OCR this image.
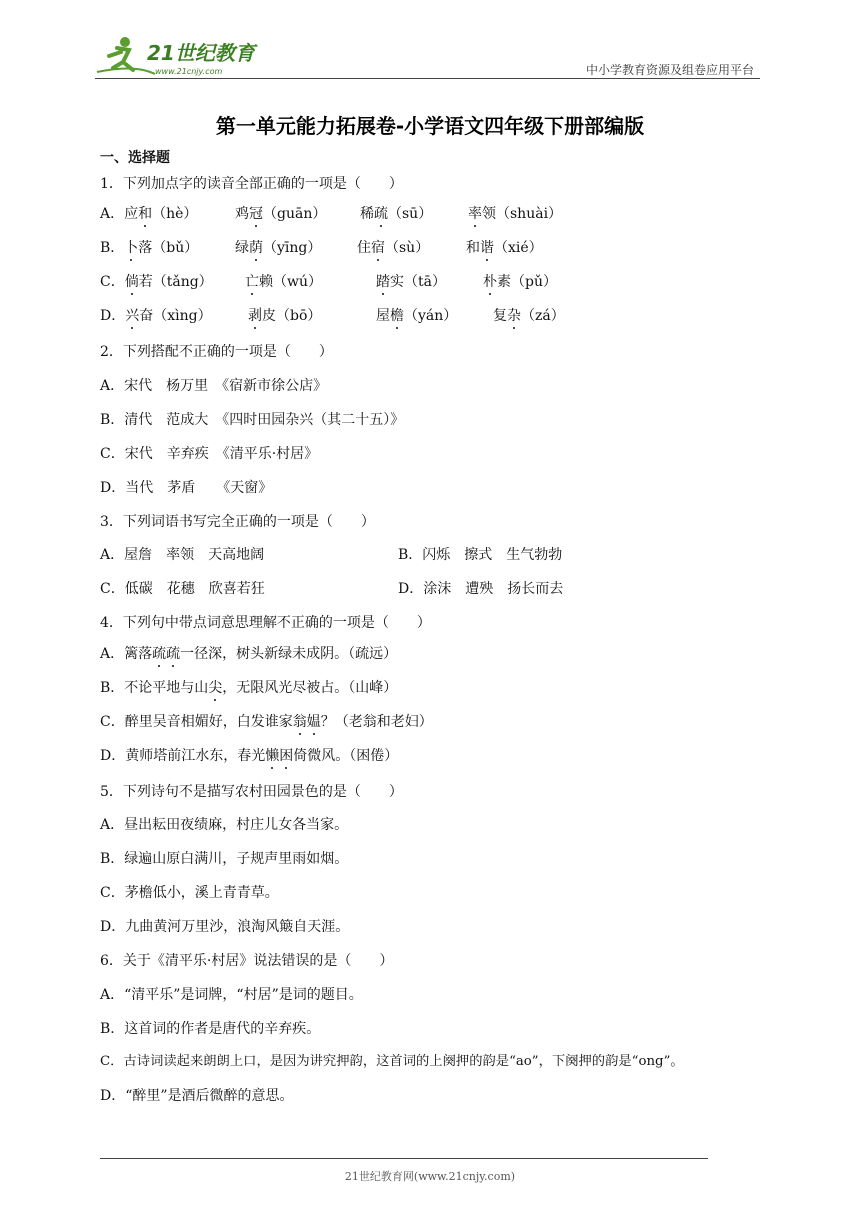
21世纪教育
www.21cnjy.com	中小学教育资源及组卷应用平台
第一单元能力拓展卷-小学语文四年级下册部编版
一、选择题
1．下列加点字的读音全部正确的一项是（　　）
A．应和（hè）	鸡冠（guān） 稀疏（sū）	率领（shuài）
B．卜落（bǔ）	绿荫（yīng）	住宿（sù）	和谐（xié）
C．倘若（tǎng） 亡赖（wú）	踏实（tā）	朴素（pǔ）
D．兴奋（xìng）	剥皮（bō）	屋檐（yán）	复杂（zá）
2．下列搭配不正确的一项是（　　）
A．宋代　杨万里　《宿新市徐公店》
B．清代　范成大　《四时田园杂兴（其二十五）》
C．宋代　辛弃疾　《清平乐·村居》
D．当代　茅盾　　《天窗》
3．下列词语书写完全正确的一项是（　　）
A．屋詹　率领　天高地阔	B．闪烁　擦式　生气勃勃
C．低碳　花穗　欣喜若狂	D．涂沫　遭殃　扬长而去
4．下列句中带点词意思理解不正确的一项是（　　）
A．篱落疏疏一径深，树头新绿未成阴。（疏远）
B．不论平地与山尖，无限风光尽被占。（山峰）
C．醉里吴音相媚好，白发谁家翁媪？（老翁和老妇）
D．黄师塔前江水东，春光懒困倚微风。（困倦）
5．下列诗句不是描写农村田园景色的是（　　）
A．昼出耘田夜绩麻，村庄儿女各当家。
B．绿遍山原白满川，子规声里雨如烟。
C．茅檐低小，溪上青青草。
D．九曲黄河万里沙，浪淘风簸自天涯。
6．关于《清平乐·村居》说法错误的是（　　）
A．“清平乐”是词牌，“村居”是词的题目。
B．这首词的作者是唐代的辛弃疾。
C．古诗词读起来朗朗上口，是因为讲究押韵，这首词的上阕押的韵是“ao”，下阕押的韵是“ong”。
D．“醉里”是酒后微醉的意思。
21世纪教育网(www.21cnjy.com)
